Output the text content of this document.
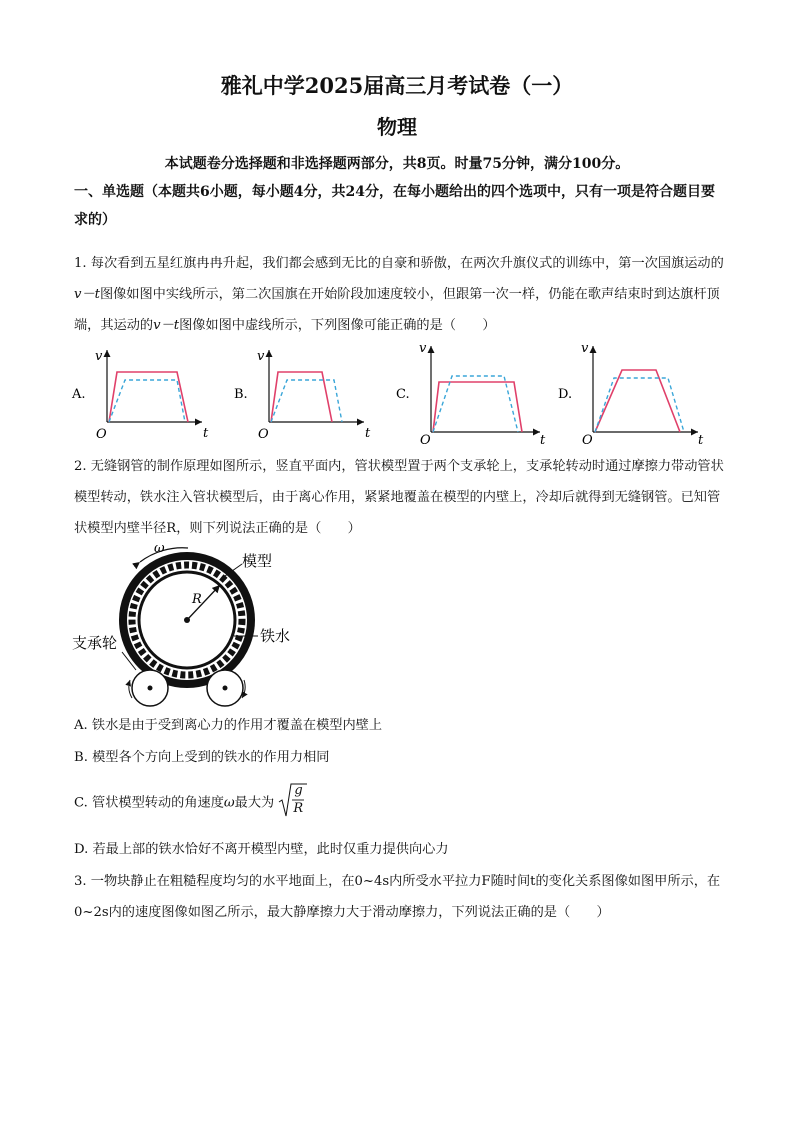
雅礼中学2025届高三月考试卷（一）
物理
本试题卷分选择题和非选择题两部分，共8页。时量75分钟，满分100分。
一、单选题（本题共6小题，每小题4分，共24分，在每小题给出的四个选项中，只有一项是符合题目要求的）
1. 每次看到五星红旗冉冉升起，我们都会感到无比的自豪和骄傲，在两次升旗仪式的训练中，第一次国旗运动的v－t图像如图中实线所示，第二次国旗在开始阶段加速度较小，但跟第一次一样，仍能在歌声结束时到达旗杆顶端，其运动的v－t图像如图中虚线所示，下列图像可能正确的是（　　）
A.
v
t
O
B.
v
t
O
C.
v
t
O
D.
v
t
O
2. 无缝钢管的制作原理如图所示，竖直平面内，管状模型置于两个支承轮上，支承轮转动时通过摩擦力带动管状模型转动，铁水注入管状模型后，由于离心作用，紧紧地覆盖在模型的内壁上，冷却后就得到无缝钢管。已知管状模型内壁半径R，则下列说法正确的是（　　）
R
ω
模型
铁水
支承轮
A. 铁水是由于受到离心力的作用才覆盖在模型内壁上
B. 模型各个方向上受到的铁水的作用力相同
C. 管状模型转动的角速度ω最大为
g
R
D. 若最上部的铁水恰好不离开模型内壁，此时仅重力提供向心力
3. 一物块静止在粗糙程度均匀的水平地面上，在0~4s内所受水平拉力F随时间t的变化关系图像如图甲所示，在0~2s内的速度图像如图乙所示，最大静摩擦力大于滑动摩擦力，下列说法正确的是（　　）
